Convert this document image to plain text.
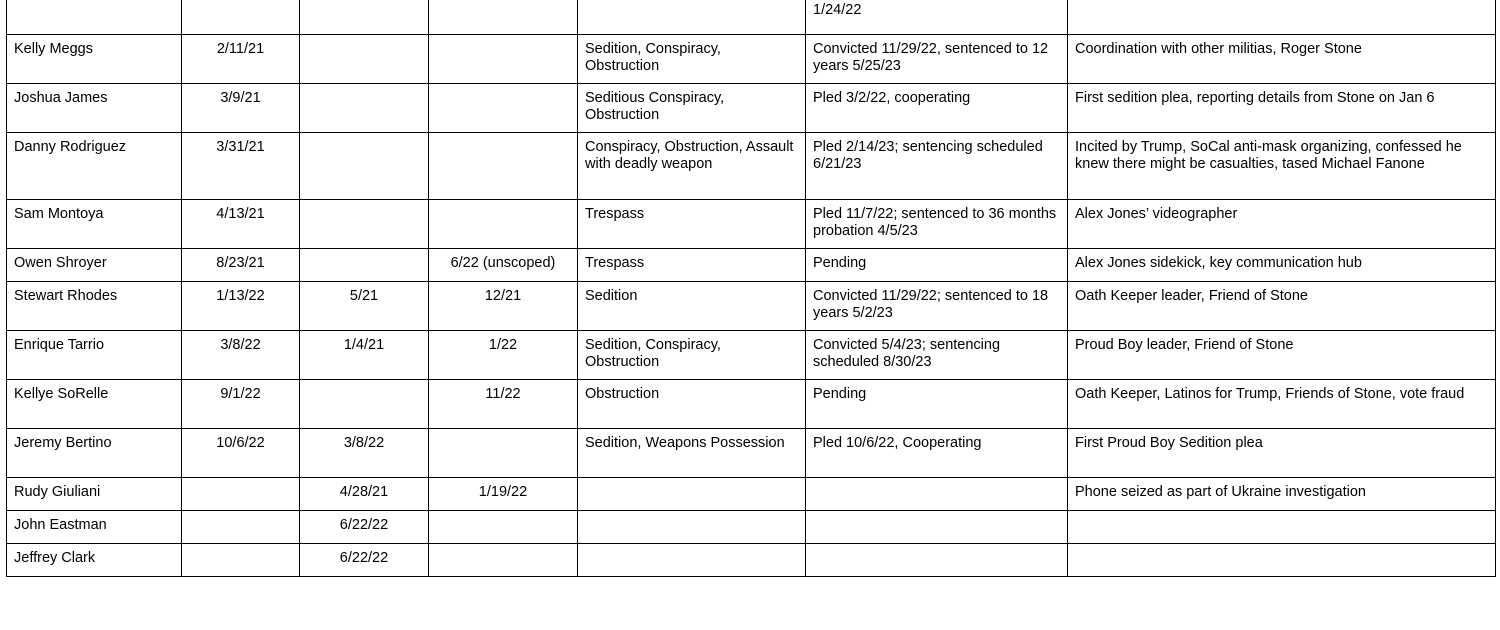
					1/24/22	
Kelly Meggs	2/11/21			Sedition, Conspiracy, Obstruction	Convicted 11/29/22, sentenced to 12 years 5/25/23	Coordination with other militias, Roger Stone
Joshua James	3/9/21			Seditious Conspiracy, Obstruction	Pled 3/2/22, cooperating	First sedition plea, reporting details from Stone on Jan 6
Danny Rodriguez	3/31/21			Conspiracy, Obstruction, Assault with deadly weapon	Pled 2/14/23; sentencing scheduled 6/21/23	Incited by Trump, SoCal anti-mask organizing, confessed he knew there might be casualties, tased Michael Fanone
Sam Montoya	4/13/21			Trespass	Pled 11/7/22; sentenced to 36 months probation 4/5/23	Alex Jones’ videographer
Owen Shroyer	8/23/21		6/22 (unscoped)	Trespass	Pending	Alex Jones sidekick, key communication hub
Stewart Rhodes	1/13/22	5/21	12/21	Sedition	Convicted 11/29/22; sentenced to 18 years 5/2/23	Oath Keeper leader, Friend of Stone
Enrique Tarrio	3/8/22	1/4/21	1/22	Sedition, Conspiracy, Obstruction	Convicted 5/4/23; sentencing scheduled 8/30/23	Proud Boy leader, Friend of Stone
Kellye SoRelle	9/1/22		11/22	Obstruction	Pending	Oath Keeper, Latinos for Trump, Friends of Stone, vote fraud
Jeremy Bertino	10/6/22	3/8/22		Sedition, Weapons Possession	Pled 10/6/22, Cooperating	First Proud Boy Sedition plea
Rudy Giuliani		4/28/21	1/19/22			Phone seized as part of Ukraine investigation
John Eastman		6/22/22				
Jeffrey Clark		6/22/22				
